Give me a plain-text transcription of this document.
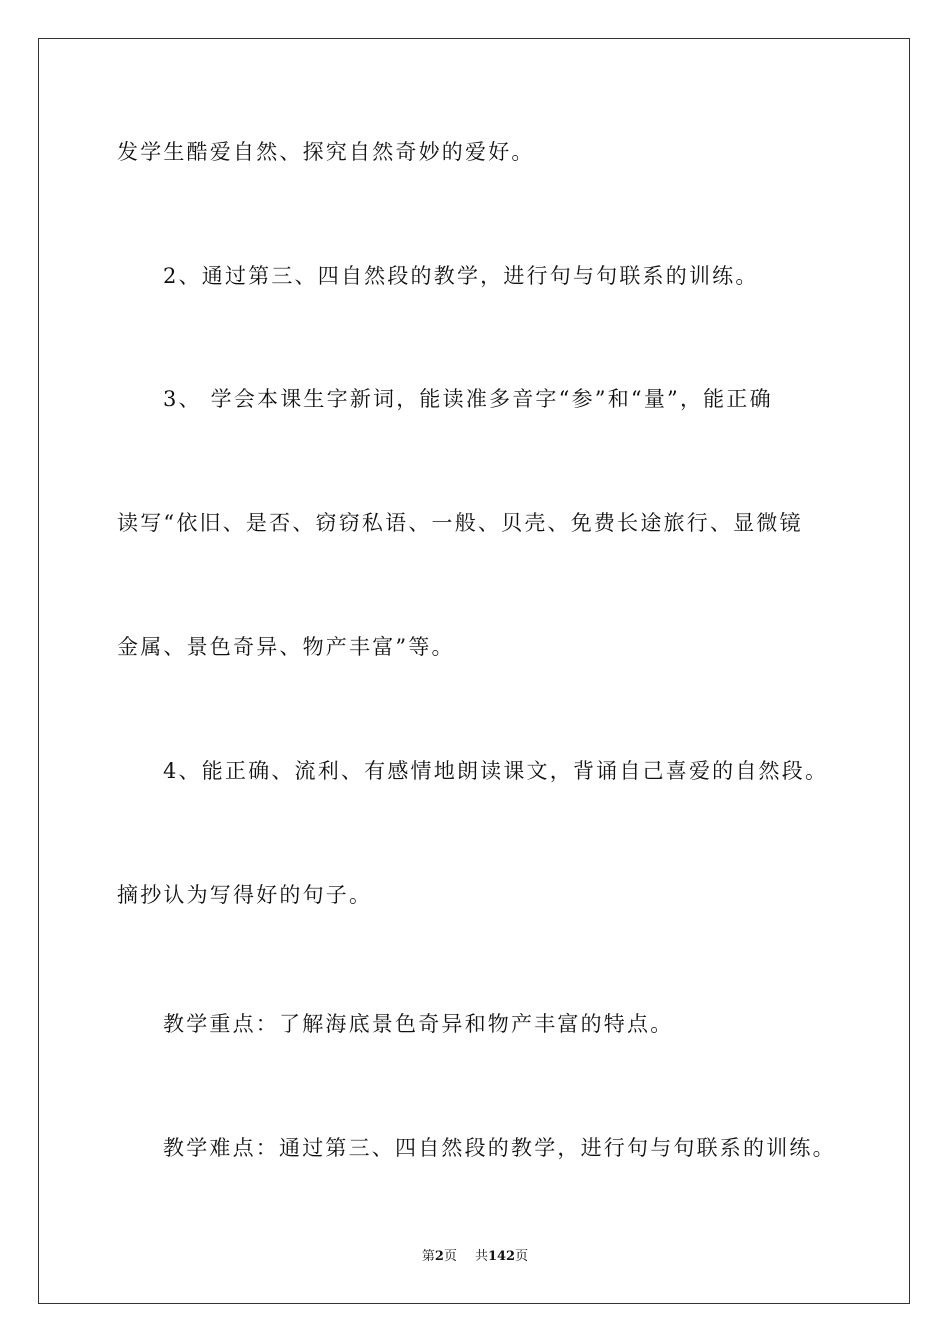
发学生酷爱自然、探究自然奇妙的爱好。
2、通过第三、四自然段的教学，进行句与句联系的训练。
3、 学会本课生字新词，能读准多音字“参”和“量”，能正确
读写“依旧、是否、窃窃私语、一般、贝壳、免费长途旅行、显微镜
金属、景色奇异、物产丰富”等。
4、能正确、流利、有感情地朗读课文，背诵自己喜爱的自然段。
摘抄认为写得好的句子。
教学重点：了解海底景色奇异和物产丰富的特点。
教学难点：通过第三、四自然段的教学，进行句与句联系的训练。
第2页 共142页
